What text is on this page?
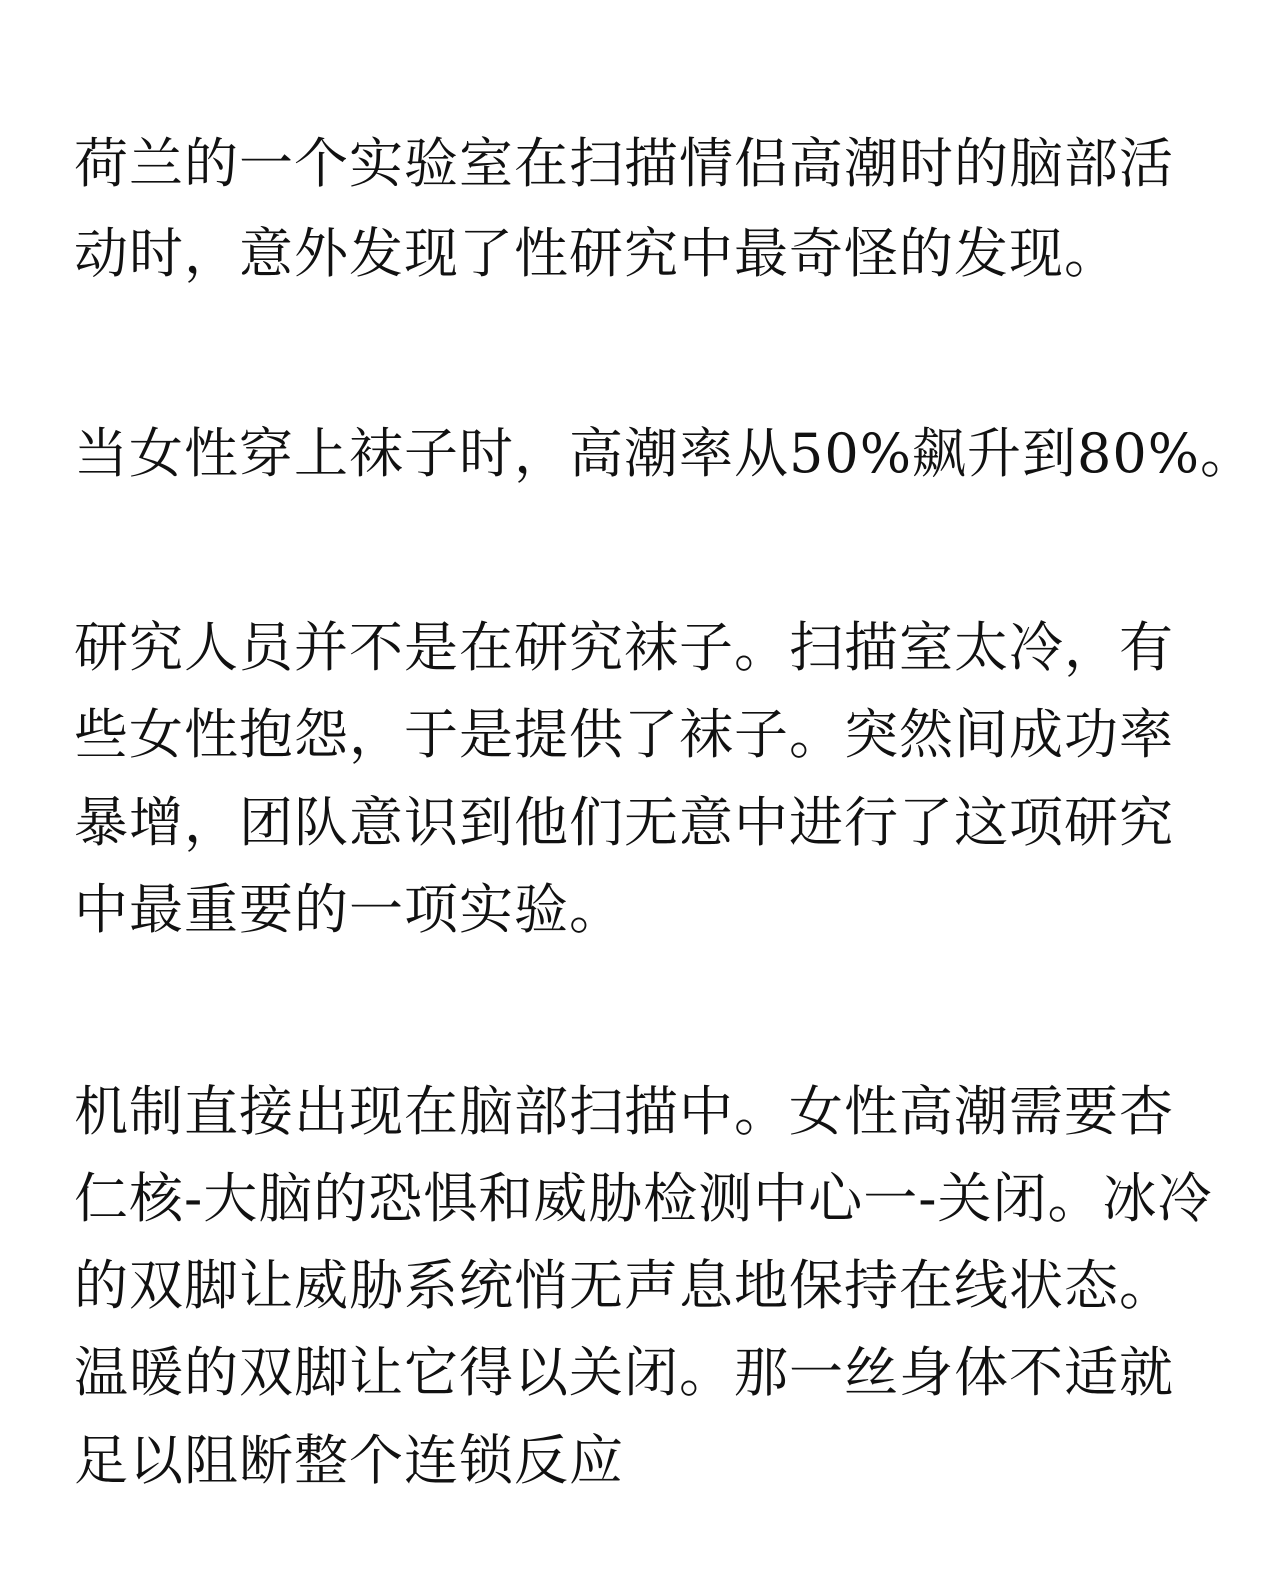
荷兰的一个实验室在扫描情侣高潮时的脑部活
动时，意外发现了性研究中最奇怪的发现。
当女性穿上袜子时，高潮率从50%飙升到80%。
研究人员并不是在研究袜子。扫描室太冷，有
些女性抱怨，于是提供了袜子。突然间成功率
暴增，团队意识到他们无意中进行了这项研究
中最重要的一项实验。
机制直接出现在脑部扫描中。女性高潮需要杏
仁核-大脑的恐惧和威胁检测中心一-关闭。冰冷
的双脚让威胁系统悄无声息地保持在线状态。
温暖的双脚让它得以关闭。那一丝身体不适就
足以阻断整个连锁反应
